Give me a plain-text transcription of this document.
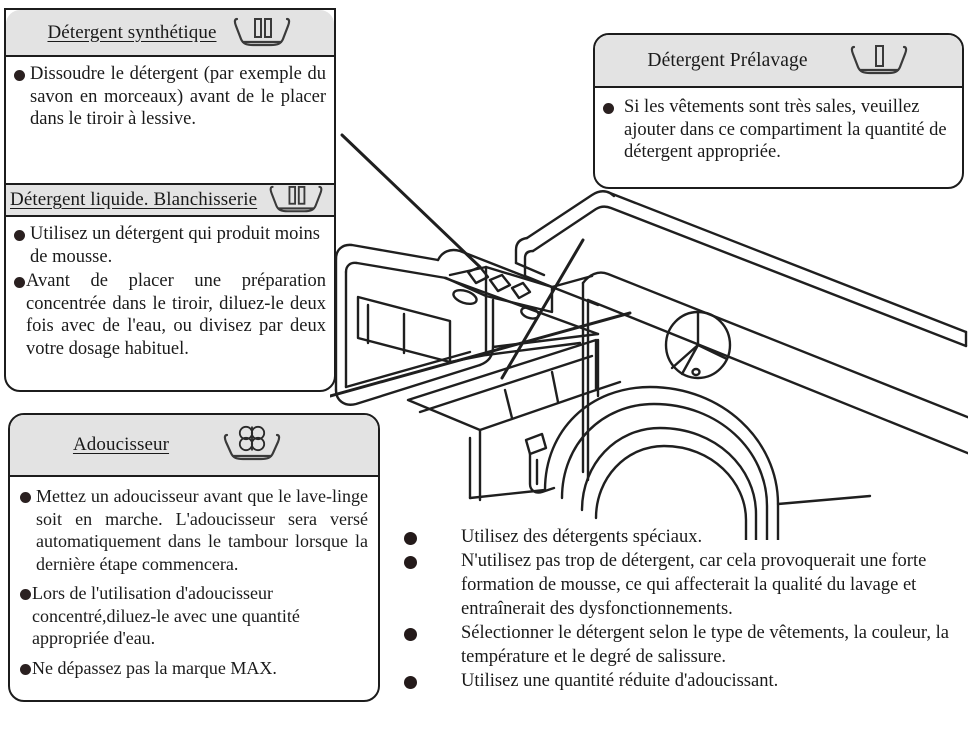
Détergent synthétique
Dissoudre le détergent (par exemple du savon en morceaux) avant de le placer dans le tiroir à lessive.
Détergent liquide. Blanchisserie
Utilisez un détergent qui produit moins de mousse.
Avant de placer une préparation concentrée dans le tiroir, diluez-le deux fois avec de l'eau, ou divisez par deux votre dosage habituel.
Détergent Prélavage
Si les vêtements sont très sales, veuillez ajouter dans ce compartiment la quantité de détergent appropriée.
Adoucisseur
Mettez un adoucisseur avant que le lave-linge soit en marche. L'adoucisseur sera versé automatiquement dans le tambour lorsque la dernière étape commencera.
Lors de l'utilisation d'adoucisseur concentré,diluez-le avec une quantité appropriée d'eau.
Ne dépassez pas la marque MAX.
Utilisez des détergents spéciaux.
N'utilisez pas trop de détergent, car cela provoquerait une forte formation de mousse, ce qui affecterait la qualité du lavage et entraînerait des dysfonctionnements.
Sélectionner le détergent selon le type de vêtements, la couleur, la température et le degré de salissure.
Utilisez une quantité réduite d'adoucissant.
